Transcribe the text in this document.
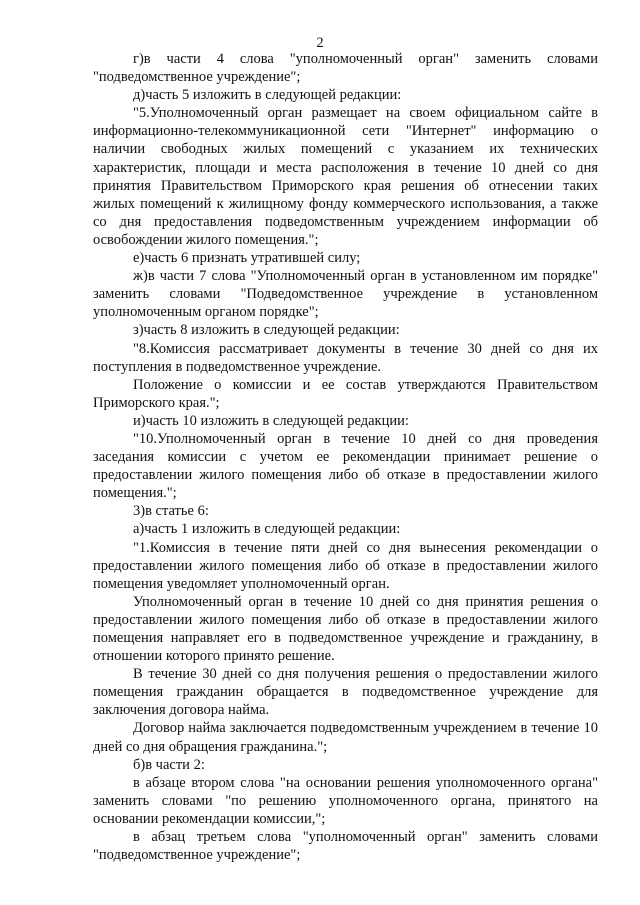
2

г)в части 4 слова "уполномоченный орган" заменить словами "подведомственное учреждение";

д)часть 5 изложить в следующей редакции:

"5.Уполномоченный орган размещает на своем официальном сайте в информационно-телекоммуникационной сети "Интернет" информацию о наличии свободных жилых помещений с указанием их технических характеристик, площади и места расположения в течение 10 дней со дня принятия Правительством Приморского края решения об отнесении таких жилых помещений к жилищному фонду коммерческого использования, а также со дня предоставления подведомственным учреждением информации об освобождении жилого помещения.";

е)часть 6 признать утратившей силу;

ж)в части 7 слова "Уполномоченный орган в установленном им порядке" заменить словами "Подведомственное учреждение в установленном уполномоченным органом порядке";

з)часть 8 изложить в следующей редакции:

"8.Комиссия рассматривает документы в течение 30 дней со дня их поступления в подведомственное учреждение.

Положение о комиссии и ее состав утверждаются Правительством Приморского края.";

и)часть 10 изложить в следующей редакции:

"10.Уполномоченный орган в течение 10 дней со дня проведения заседания комиссии с учетом ее рекомендации принимает решение о предоставлении жилого помещения либо об отказе в предоставлении жилого помещения.";

3)в статье 6:

а)часть 1 изложить в следующей редакции:

"1.Комиссия в течение пяти дней со дня вынесения рекомендации о предоставлении жилого помещения либо об отказе в предоставлении жилого помещения уведомляет уполномоченный орган.

Уполномоченный орган в течение 10 дней со дня принятия решения о предоставлении жилого помещения либо об отказе в предоставлении жилого помещения направляет его в подведомственное учреждение и гражданину, в отношении которого принято решение.

В течение 30 дней со дня получения решения о предоставлении жилого помещения гражданин обращается в подведомственное учреждение для заключения договора найма.

Договор найма заключается подведомственным учреждением в течение 10 дней со дня обращения гражданина.";

б)в части 2:

в абзаце втором слова "на основании решения уполномоченного органа" заменить словами "по решению уполномоченного органа, принятого на основании рекомендации комиссии,";

в абзац третьем слова "уполномоченный орган" заменить словами "подведомственное учреждение";
